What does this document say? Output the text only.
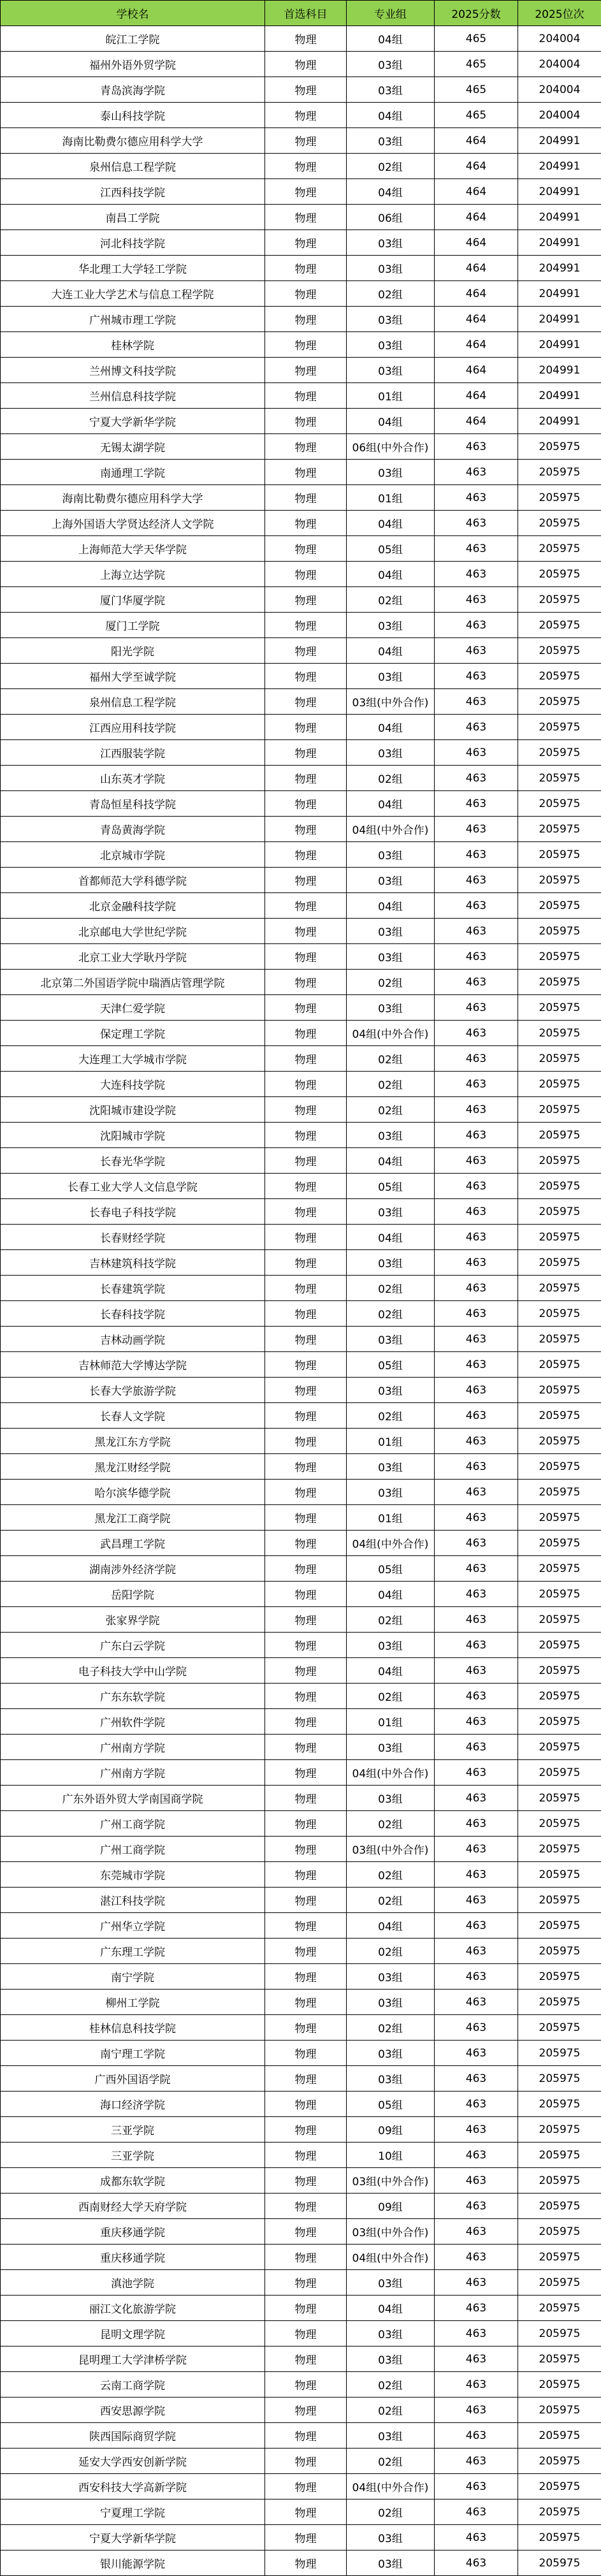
学校名	首选科目	专业组	2025分数	2025位次
皖江工学院	物理	04组	465	204004
福州外语外贸学院	物理	03组	465	204004
青岛滨海学院	物理	03组	465	204004
泰山科技学院	物理	04组	465	204004
海南比勒费尔德应用科学大学	物理	03组	464	204991
泉州信息工程学院	物理	02组	464	204991
江西科技学院	物理	04组	464	204991
南昌工学院	物理	06组	464	204991
河北科技学院	物理	03组	464	204991
华北理工大学轻工学院	物理	03组	464	204991
大连工业大学艺术与信息工程学院	物理	02组	464	204991
广州城市理工学院	物理	03组	464	204991
桂林学院	物理	03组	464	204991
兰州博文科技学院	物理	03组	464	204991
兰州信息科技学院	物理	01组	464	204991
宁夏大学新华学院	物理	04组	464	204991
无锡太湖学院	物理	06组(中外合作)	463	205975
南通理工学院	物理	03组	463	205975
海南比勒费尔德应用科学大学	物理	01组	463	205975
上海外国语大学贤达经济人文学院	物理	04组	463	205975
上海师范大学天华学院	物理	05组	463	205975
上海立达学院	物理	04组	463	205975
厦门华厦学院	物理	02组	463	205975
厦门工学院	物理	03组	463	205975
阳光学院	物理	04组	463	205975
福州大学至诚学院	物理	03组	463	205975
泉州信息工程学院	物理	03组(中外合作)	463	205975
江西应用科技学院	物理	04组	463	205975
江西服装学院	物理	03组	463	205975
山东英才学院	物理	02组	463	205975
青岛恒星科技学院	物理	04组	463	205975
青岛黄海学院	物理	04组(中外合作)	463	205975
北京城市学院	物理	03组	463	205975
首都师范大学科德学院	物理	03组	463	205975
北京金融科技学院	物理	04组	463	205975
北京邮电大学世纪学院	物理	03组	463	205975
北京工业大学耿丹学院	物理	03组	463	205975
北京第二外国语学院中瑞酒店管理学院	物理	02组	463	205975
天津仁爱学院	物理	03组	463	205975
保定理工学院	物理	04组(中外合作)	463	205975
大连理工大学城市学院	物理	02组	463	205975
大连科技学院	物理	02组	463	205975
沈阳城市建设学院	物理	02组	463	205975
沈阳城市学院	物理	03组	463	205975
长春光华学院	物理	04组	463	205975
长春工业大学人文信息学院	物理	05组	463	205975
长春电子科技学院	物理	03组	463	205975
长春财经学院	物理	04组	463	205975
吉林建筑科技学院	物理	03组	463	205975
长春建筑学院	物理	02组	463	205975
长春科技学院	物理	02组	463	205975
吉林动画学院	物理	03组	463	205975
吉林师范大学博达学院	物理	05组	463	205975
长春大学旅游学院	物理	03组	463	205975
长春人文学院	物理	02组	463	205975
黑龙江东方学院	物理	01组	463	205975
黑龙江财经学院	物理	03组	463	205975
哈尔滨华德学院	物理	03组	463	205975
黑龙江工商学院	物理	01组	463	205975
武昌理工学院	物理	04组(中外合作)	463	205975
湖南涉外经济学院	物理	05组	463	205975
岳阳学院	物理	04组	463	205975
张家界学院	物理	02组	463	205975
广东白云学院	物理	03组	463	205975
电子科技大学中山学院	物理	04组	463	205975
广东东软学院	物理	02组	463	205975
广州软件学院	物理	01组	463	205975
广州南方学院	物理	03组	463	205975
广州南方学院	物理	04组(中外合作)	463	205975
广东外语外贸大学南国商学院	物理	03组	463	205975
广州工商学院	物理	02组	463	205975
广州工商学院	物理	03组(中外合作)	463	205975
东莞城市学院	物理	02组	463	205975
湛江科技学院	物理	02组	463	205975
广州华立学院	物理	04组	463	205975
广东理工学院	物理	02组	463	205975
南宁学院	物理	03组	463	205975
柳州工学院	物理	03组	463	205975
桂林信息科技学院	物理	02组	463	205975
南宁理工学院	物理	03组	463	205975
广西外国语学院	物理	03组	463	205975
海口经济学院	物理	05组	463	205975
三亚学院	物理	09组	463	205975
三亚学院	物理	10组	463	205975
成都东软学院	物理	03组(中外合作)	463	205975
西南财经大学天府学院	物理	09组	463	205975
重庆移通学院	物理	03组(中外合作)	463	205975
重庆移通学院	物理	04组(中外合作)	463	205975
滇池学院	物理	03组	463	205975
丽江文化旅游学院	物理	04组	463	205975
昆明文理学院	物理	03组	463	205975
昆明理工大学津桥学院	物理	03组	463	205975
云南工商学院	物理	02组	463	205975
西安思源学院	物理	02组	463	205975
陕西国际商贸学院	物理	03组	463	205975
延安大学西安创新学院	物理	02组	463	205975
西安科技大学高新学院	物理	04组(中外合作)	463	205975
宁夏理工学院	物理	02组	463	205975
宁夏大学新华学院	物理	03组	463	205975
银川能源学院	物理	03组	463	205975
